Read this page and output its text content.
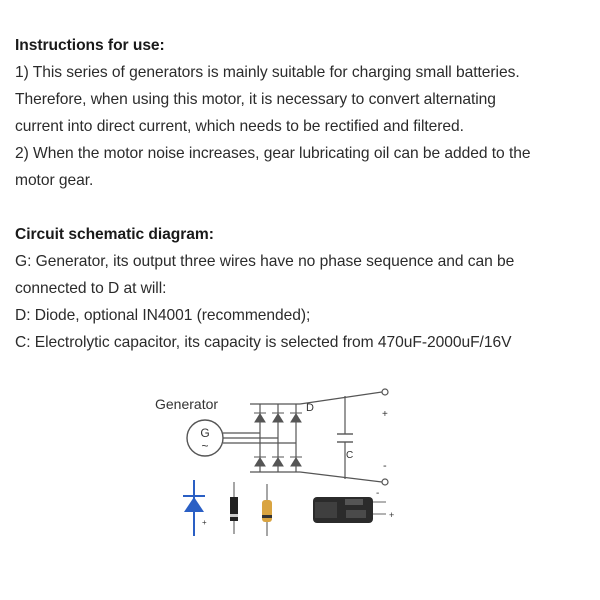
Instructions for use:
1) This series of generators is mainly suitable for charging small batteries.
Therefore, when using this motor, it is necessary to convert alternating
current into direct current, which needs to be rectified and filtered.
2) When the motor noise increases, gear lubricating oil can be added to the
motor gear.
Circuit schematic diagram:
G: Generator, its output three wires have no phase sequence and can be
connected to D at will:
D: Diode, optional IN4001 (recommended);
C: Electrolytic capacitor, its capacity is selected from 470uF-2000uF/16V
Generator
G
~
D
C
+
-
+
-
+
